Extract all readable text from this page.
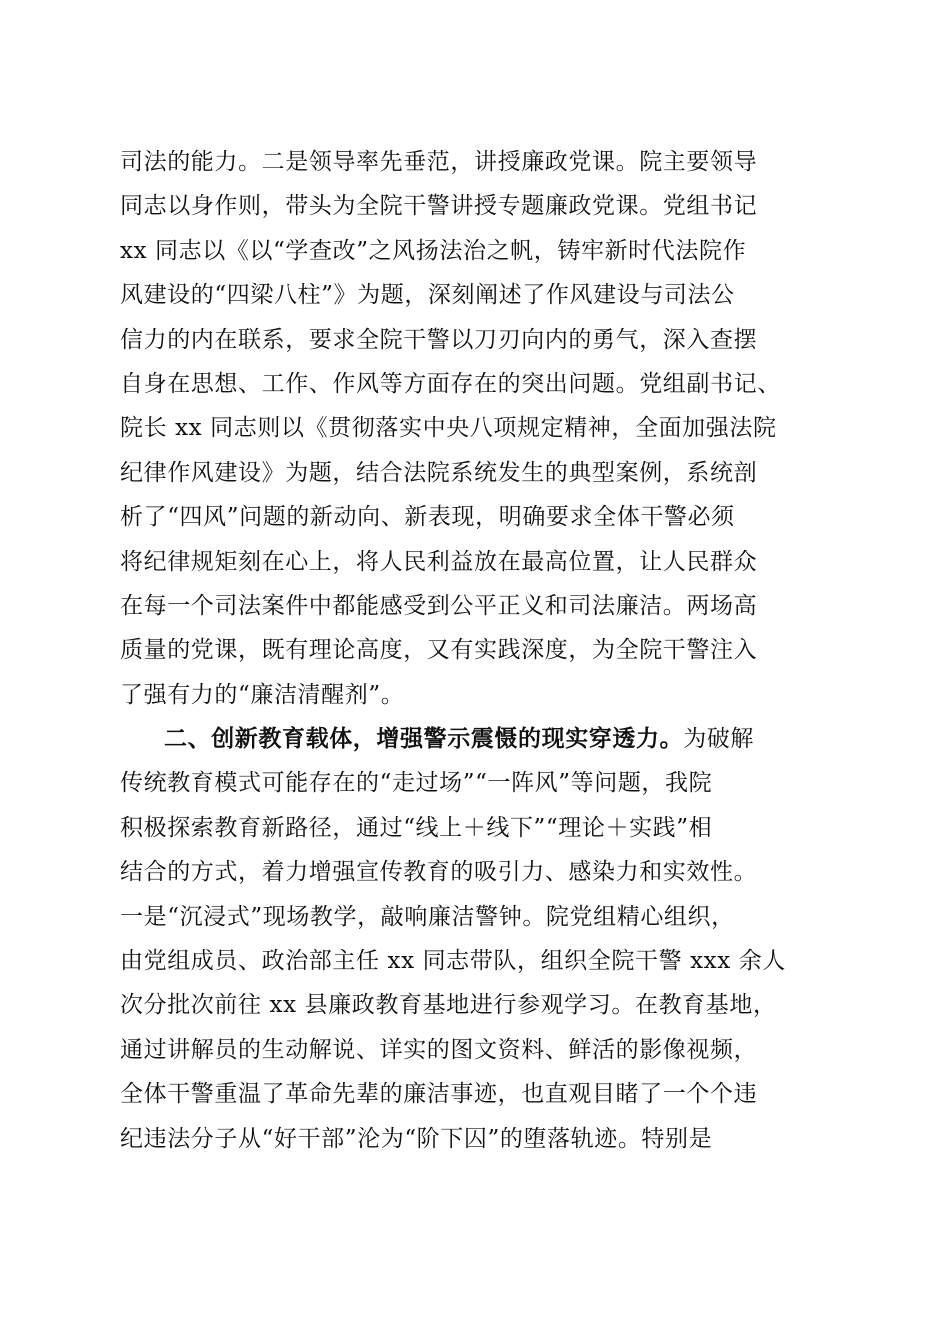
司法的能力。二是领导率先垂范，讲授廉政党课。院主要领导
同志以身作则，带头为全院干警讲授专题廉政党课。党组书记
xx 同志以《以“学查改”之风扬法治之帆，铸牢新时代法院作
风建设的“四梁八柱”》为题，深刻阐述了作风建设与司法公
信力的内在联系，要求全院干警以刀刃向内的勇气，深入查摆
自身在思想、工作、作风等方面存在的突出问题。党组副书记、
院长 xx 同志则以《贯彻落实中央八项规定精神，全面加强法院
纪律作风建设》为题，结合法院系统发生的典型案例，系统剖
析了“四风”问题的新动向、新表现，明确要求全体干警必须
将纪律规矩刻在心上，将人民利益放在最高位置，让人民群众
在每一个司法案件中都能感受到公平正义和司法廉洁。两场高
质量的党课，既有理论高度，又有实践深度，为全院干警注入
了强有力的“廉洁清醒剂”。
二、创新教育载体，增强警示震慑的现实穿透力。为破解
传统教育模式可能存在的“走过场”“一阵风”等问题，我院
积极探索教育新路径，通过“线上＋线下”“理论＋实践”相
结合的方式，着力增强宣传教育的吸引力、感染力和实效性。
一是“沉浸式”现场教学，敲响廉洁警钟。院党组精心组织，
由党组成员、政治部主任 xx 同志带队，组织全院干警 xxx 余人
次分批次前往 xx 县廉政教育基地进行参观学习。在教育基地，
通过讲解员的生动解说、详实的图文资料、鲜活的影像视频，
全体干警重温了革命先辈的廉洁事迹，也直观目睹了一个个违
纪违法分子从“好干部”沦为“阶下囚”的堕落轨迹。特别是
